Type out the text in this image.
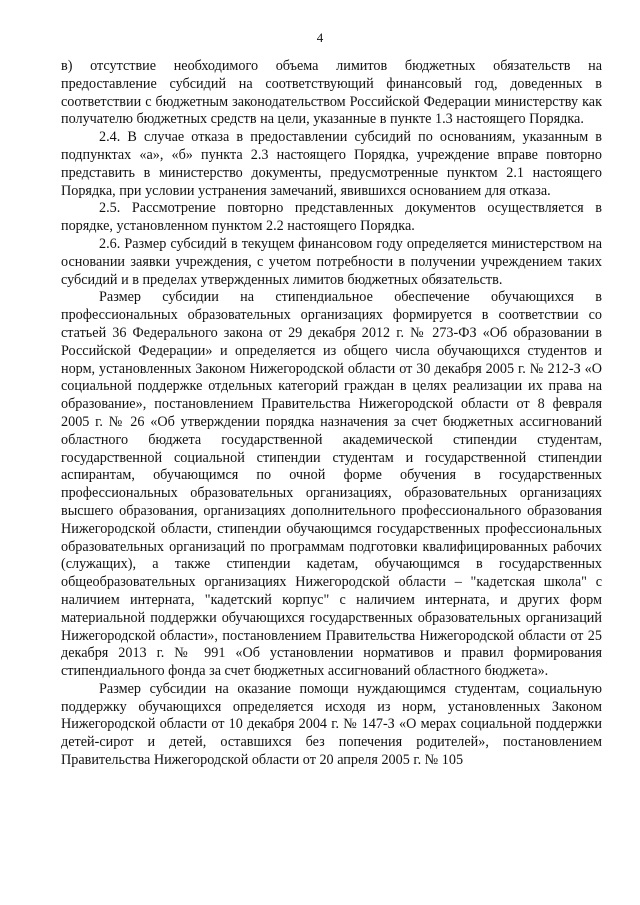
4

в) отсутствие необходимого объема лимитов бюджетных обязательств на предоставление субсидий на соответствующий финансовый год, доведенных в соответствии с бюджетным законодательством Российской Федерации министерству как получателю бюджетных средств на цели, указанные в пункте 1.3 настоящего Порядка.

2.4. В случае отказа в предоставлении субсидий по основаниям, указанным в подпунктах «а», «б» пункта 2.3 настоящего Порядка, учреждение вправе повторно представить в министерство документы, предусмотренные пунктом 2.1 настоящего Порядка, при условии устранения замечаний, явившихся основанием для отказа.

2.5. Рассмотрение повторно представленных документов осуществляется в порядке, установленном пунктом 2.2 настоящего Порядка.

2.6. Размер субсидий в текущем финансовом году определяется министерством на основании заявки учреждения, с учетом потребности в получении учреждением таких субсидий и в пределах утвержденных лимитов бюджетных обязательств.

Размер субсидии на стипендиальное обеспечение обучающихся в профессиональных образовательных организациях формируется в соответствии со статьей 36 Федерального закона от 29 декабря 2012 г. № 273-ФЗ «Об образовании в Российской Федерации» и определяется из общего числа обучающихся студентов и норм, установленных Законом Нижегородской области от 30 декабря 2005 г. № 212-З «О социальной поддержке отдельных категорий граждан в целях реализации их права на образование», постановлением Правительства Нижегородской области от 8 февраля 2005 г. № 26 «Об утверждении порядка назначения за счет бюджетных ассигнований областного бюджета государственной академической стипендии студентам, государственной социальной стипендии студентам и государственной стипендии аспирантам, обучающимся по очной форме обучения в государственных профессиональных образовательных организациях, образовательных организациях высшего образования, организациях дополнительного профессионального образования Нижегородской области, стипендии обучающимся государственных профессиональных образовательных организаций по программам подготовки квалифицированных рабочих (служащих), а также стипендии кадетам, обучающимся в государственных общеобразовательных организациях Нижегородской области – "кадетская школа" с наличием интерната, "кадетский корпус" с наличием интерната, и других форм материальной поддержки обучающихся государственных образовательных организаций Нижегородской области», постановлением Правительства Нижегородской области от 25 декабря 2013 г. № 991 «Об установлении нормативов и правил формирования стипендиального фонда за счет бюджетных ассигнований областного бюджета».

Размер субсидии на оказание помощи нуждающимся студентам, социальную поддержку обучающихся определяется исходя из норм, установленных Законом Нижегородской области от 10 декабря 2004 г. № 147-З «О мерах социальной поддержки детей-сирот и детей, оставшихся без попечения родителей», постановлением Правительства Нижегородской области от 20 апреля 2005 г. № 105
